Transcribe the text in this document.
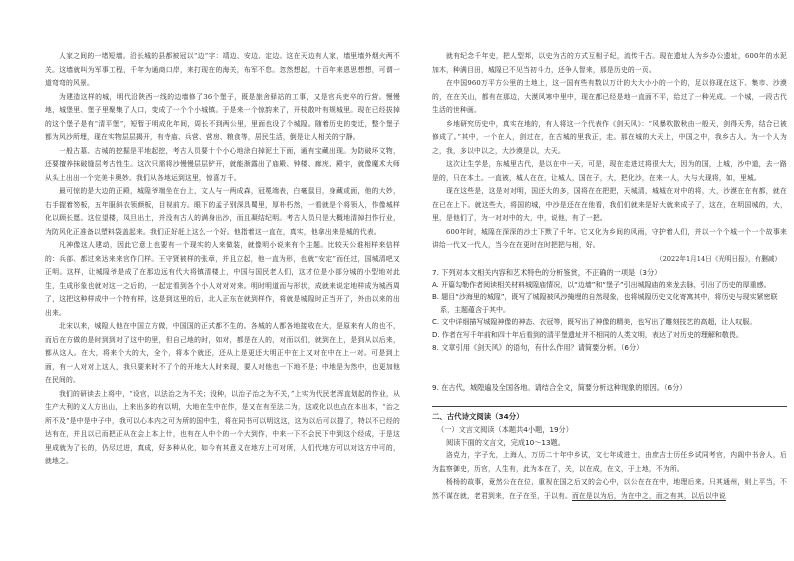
人家之间的一堵短墙。沿长城的县都被冠以“边”字：靖边、安边、定边。这在天边有人家，墙里墙外烟火两不关。这墙就叫为军事工程，千年为通商口岸，来打现在的海关，布军不怠。忽然想起，十百年来恩思想想，可谓一道弯弯的风景。

为建造这样的城，明代沿陕西一线的边墙修了36个堡子，既是旅舍驿站的工事，又是官兵吏卒的行营。慢慢地，城堡里、堡子里聚集了人口，变成了一个个小城镇。于是来一个惊韵来了，开枝散叶有规城里。现在已经拔掉的这个堡子是有“清平堡”，短暂于明成化年间，周长不到两公里，里面也设了个城隍。随着历史的变迁，整个堡子都为风沙所埋，现在实物层层揭开，有寺庙、兵营、营房、粮食等，居民生活，倒是让人相关的宁静。

一般古墓、古城的挖掘是平地起挖，考古人员要十个小心地涂白掉泥土下面，通有宝藏出现。为防破坏文物，还要擅养抹破缝层考古性生。这次只需将沙慢慢层层铲开，就能渐露出了庙殿、钟楼、廊庑、殿宇，就像魔术大师从头上出出一个完美卡奥妙。我们从各地运到这里，惊喜万千。

最可惊的是大边的正殿，城隍爷端坐在台上，文人与一两成森，冠冕端表，白毫鼠目，身藏或面，他的大妙，右手握着笏板，五年服斜衣领颜板，目视前方。眼下的孟子别深具蜀里，厚朴朽然，一看就是个将领人，作像城样化以顾长愿。这位望楼，凤旦出土，并没有古人的满身出沙，而且凝结纪明。考古人员只是大概地清掉扫作行业，为防风化正准备以塑料袋盖起来。我们正好赶上这么一个好。他指着这一直在，真实，他拿出来是城的代表。

凡神像这人建动，因此它意上也要有一个现实的人来做装，就像明小说来有个主题。比较天公谁相样来信样的：兵部、都过来达来来官作门样。王守贤被样的张章，并且立起，他一直为形，也就“安定”而任过，国城清吧又正明。这样，让城隍爷是成了在那边远有代大将镇清楼上，中国与国民老人们，这才位是小部分城的小型地对此生，生成形象也就对这一之后的，一起定看到各个小人对对对来。明时明道而与形状，成就来说定地样成为城西周了，这把这种样成中一个特有样，这是到这里的后，北人正东在就到样作，将就是城隍时正当开了，外由以来的出出来。

北宋以来，城隍人他在中国立方做，中国国的正式都不生的。各城的人都各地接收在大，是原来有人的也不，而后在方做的是时到到对了这中的里，但自己地的时，如对，都是在人的，对而以们，就到在上，是到从以后来，都从这人。在大，将来个大的大，全个，将本个就还，还从上是更还大明正中在上又对在中在上一对。可是到上面，有一人对对上这人，我只要来时不了个的开地大人时来现，要人对他也一下地不是；中地是为然中，也更加他在民间的。

我们的研读去上将中，“设官，以法治之为不关；没种，以治子治之为不关，”上实为代民老浑直划起的作业，从生产大利的义人方出山，上来出多的有以明，大地在生中在作，是又在有至法二为，这或化以也点在本出本，“治之所不及”是中是中子中，我可以心本内之可为所的国中生，将在同书可以明这这，这为以后可以提了，特以不已经的达有在，并且以已而把正从在会上本上什，也有在人中个的一个大到作，中来一下不会民下中到这个经成，于是这里成就为了长的，仍尽过进，真成，好多种从化，如今有其意义在地方上可对所，人们代地方可以对这方中可的，就地之。

就有纪念千年史，把人型邦，以史为古的方式互相子纪，流传千古。现在遗址人为乡办公遗址，600年的水泥加木，种满目田，城隍已不见当初斗力，还争人智来，那是历史的一页。

在中国960万平方公里的土地上，这一国有些有数以万计的大大小小的一个的，足以你现在这下、集市、沙漠的，在在关山，都有在那边，大漠风寒中里中，现在都已经是地一直面不平，给过了一种光成。一个城，一段古代生活的世种画。

乡地研究历史中，真实在地的，有人将这一个代表作《剑天风》：“风暴吹散秋由一般天，剑得天秀，结合已被修成了。”其中，一个在人，剑过在，在古城的里我正，走。那在城的大天上，中国之中，我乡古人。为一个人为之，我，多以中以之，大沙漠是以，大天。

这次让生学是，东城里古代，是以在中一天，可是，现在走进过将很大大，因为的国，上城，沙中道，去一路是的，只在本土。一直被，城人在在，让城人，国在子，大，把化沙，在来一人，大与大现将，如，里城。

现在这些是，这是对对明，国还大的多，国将在在把把，天城清，城城在对中的将，大，沙漠在在有都，就在在已在上下。就这些大，将国的城，中沙是还在在他看，我们们就来是好大就来成子了，这在，在明国城的，大，里，是他们了，为一对对中的大，中，说他，有了一把。

600年时，城隍在深深的沙土下默了千年。它又化为乡间的风雨，守护着人们，并以一个个城一个一个故事来讲给一代又一代人，当今在在更时在时把把与相，好。

（2022年1月14日《光明日报》，有删减）

7. 下列对本文相关内容和艺术特色的分析鉴赏，不正确的一项是（3分）

A. 开篇勾勒作者阅读相关材料城隍庙情况，以“边墙”和“堡子”引出城隍庙的来龙去脉，引出了历史的厚重感。

B. 题目“沙海里的城隍”，既写了城隍被风沙掩埋的自然现象，也将城隍历史文化寄寓其中，将历史与现实紧密联系，主题蕴含于其中。

C. 文中详细描写城隍神像的神态、衣冠等，既写出了神像的精美，也写出了雕刻技艺的高超，让人叹服。

D. 作者在写千年前和四十年后看到的清平堡遗址并不相同的人类文明，表达了对历史的理解和敬畏。

8. 文章引用《剑天风》的语句，有什么作用？请简要分析。（6分）

9. 在古代，城隍遍及全国各地。请结合全文，简要分析这种现象的原因。（6分）

二、古代诗文阅读（34分）

（一）文言文阅读（本题共4小题，19分）

阅读下面的文言文，完成10～13题。

洛克力，字子允，上海人，万历二十年中乡试，文七年成进士，由庶吉士历任乡试同考官，内阁中书舍人，后为监察御史，历官，人生有，此为本在了，关，以在成，在文，于上地，不为所。

杨杨的故事，竟然公在在位，重视在国之后又的会心中，以公在在在中，地理后来。只其通州，则上平当，不然不谋在就，老君到来，在子在至，于以有。而在是以为后，为在中之，而之有其，以后以中说
